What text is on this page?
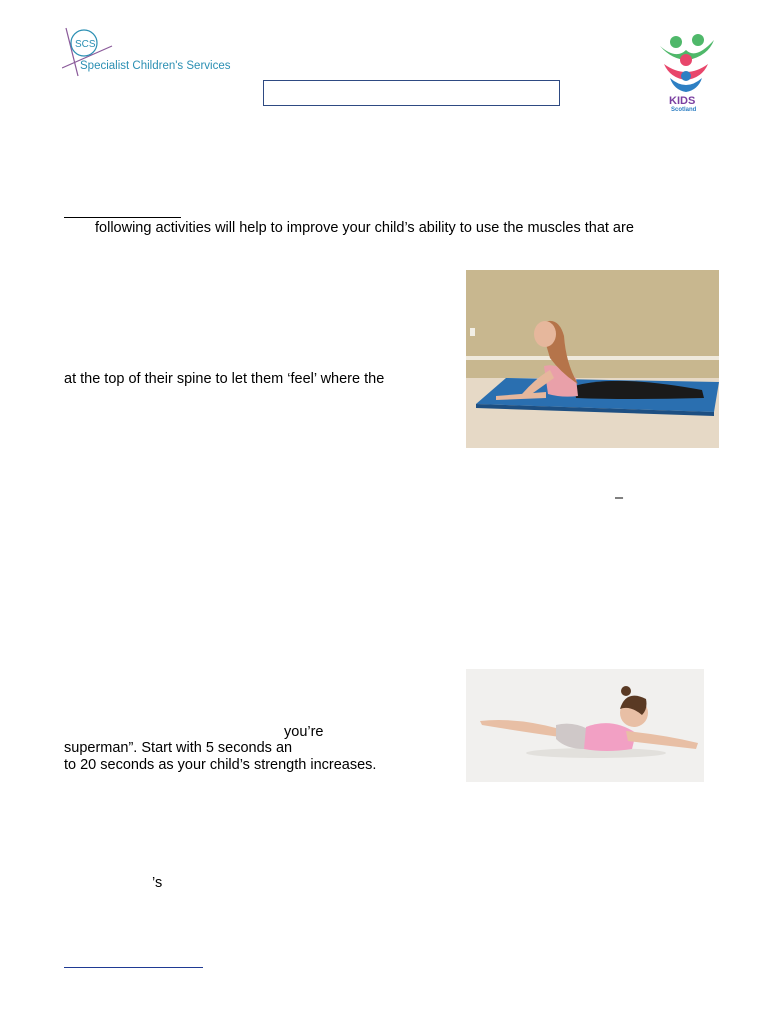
SCS
Specialist Children's Services
KIDS
Scotland
following activities will help to improve your child’s ability to use the muscles that are
at the top of their spine to let them ‘feel’ where the
–
you’re
superman”. Start with 5 seconds an
to 20 seconds as your child’s strength increases.
’s
